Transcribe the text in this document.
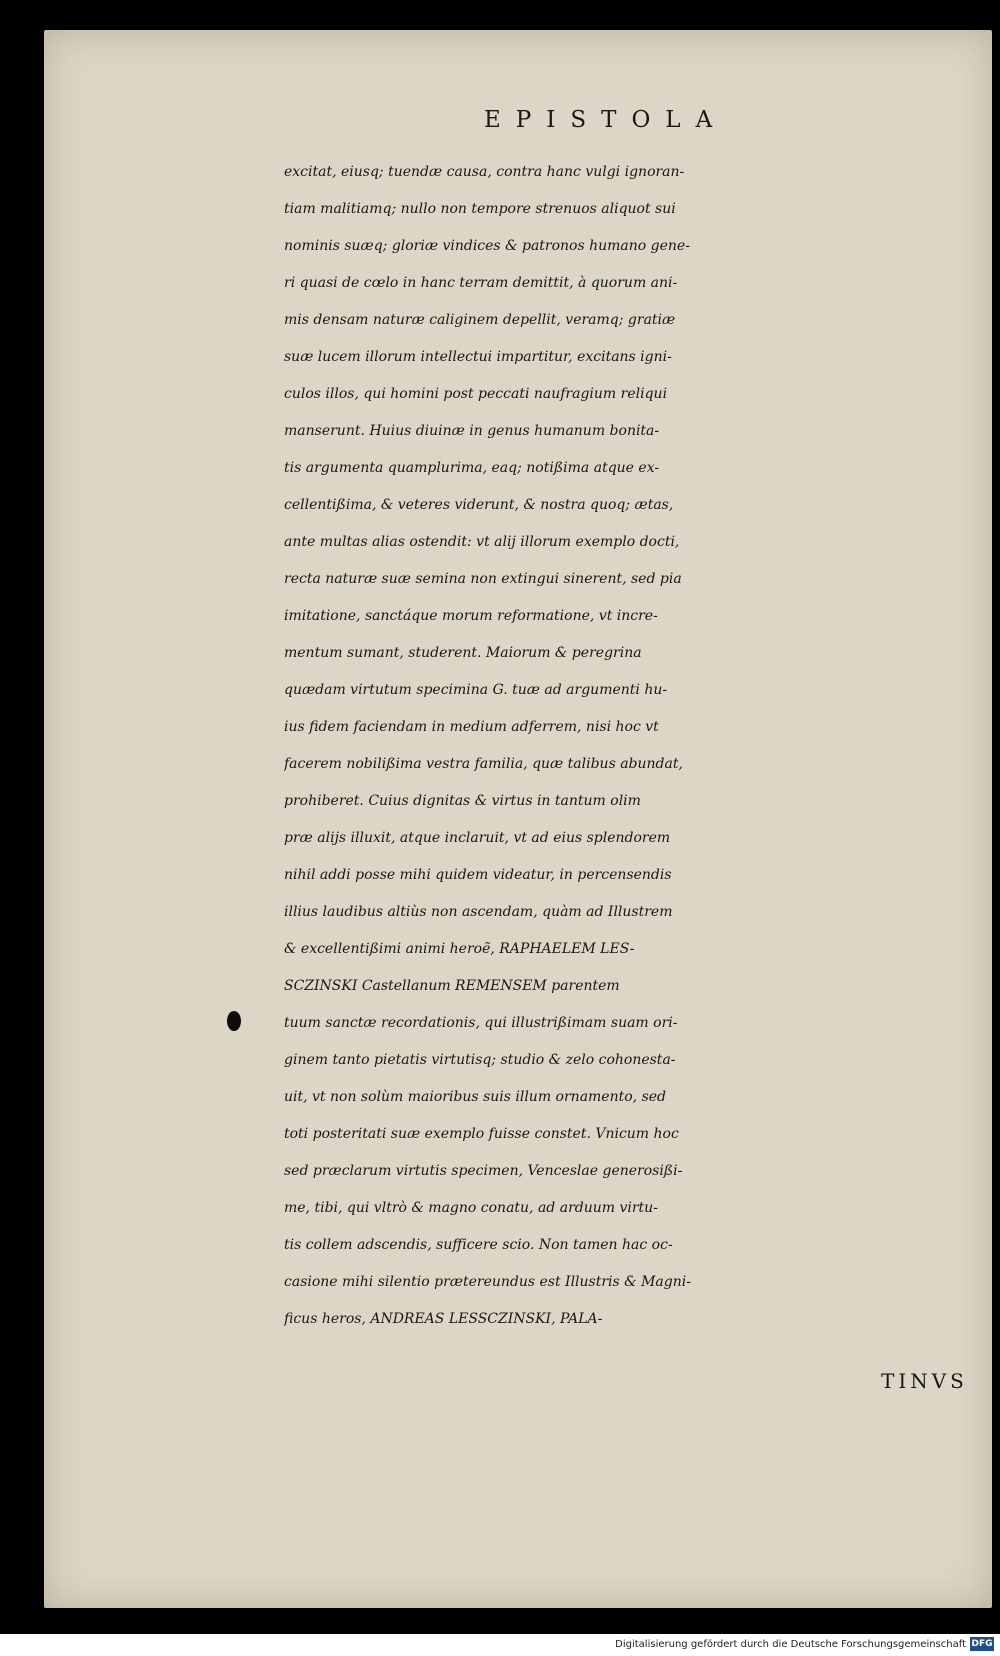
EPISTOLA
excitat, eiusq; tuendæ causa, contra hanc vulgi ignoran-
tiam malitiamq; nullo non tempore strenuos aliquot sui
nominis suæq; gloriæ vindices & patronos humano gene-
ri quasi de cœlo in hanc terram demittit, à quorum ani-
mis densam naturæ caliginem depellit, veramq; gratiæ
suæ lucem illorum intellectui impartitur, excitans igni-
culos illos, qui homini post peccati naufragium reliqui
manserunt. Huius diuinæ in genus humanum bonita-
tis argumenta quamplurima, eaq; notißima atque ex-
cellentißima, & veteres viderunt, & nostra quoq; ætas,
ante multas alias ostendit: vt alij illorum exemplo docti,
recta naturæ suæ semina non extingui sinerent, sed pia
imitatione, sanctáque morum reformatione, vt incre-
mentum sumant, studerent. Maiorum & peregrina
quædam virtutum specimina G. tuæ ad argumenti hu-
ius fidem faciendam in medium adferrem, nisi hoc vt
facerem nobilißima vestra familia, quæ talibus abundat,
prohiberet. Cuius dignitas & virtus in tantum olim
præ alijs illuxit, atque inclaruit, vt ad eius splendorem
nihil addi posse mihi quidem videatur, in percensendis
illius laudibus altiùs non ascendam, quàm ad Illustrem
& excellentißimi animi heroẽ, RAPHAELEM LES-
SCZINSKI Castellanum REMENSEM parentem
tuum sanctæ recordationis, qui illustrißimam suam ori-
ginem tanto pietatis virtutisq; studio & zelo cohonesta-
uit, vt non solùm maioribus suis illum ornamento, sed
toti posteritati suæ exemplo fuisse constet. Vnicum hoc
sed præclarum virtutis specimen, Venceslae generosißi-
me, tibi, qui vltrò & magno conatu, ad arduum virtu-
tis collem adscendis, sufficere scio. Non tamen hac oc-
casione mihi silentio prætereundus est Illustris & Magni-
ficus heros, ANDREAS LESSCZINSKI, PALA-
TINVS
Digitalisierung gefördert durch die Deutsche Forschungsgemeinschaft DFG
